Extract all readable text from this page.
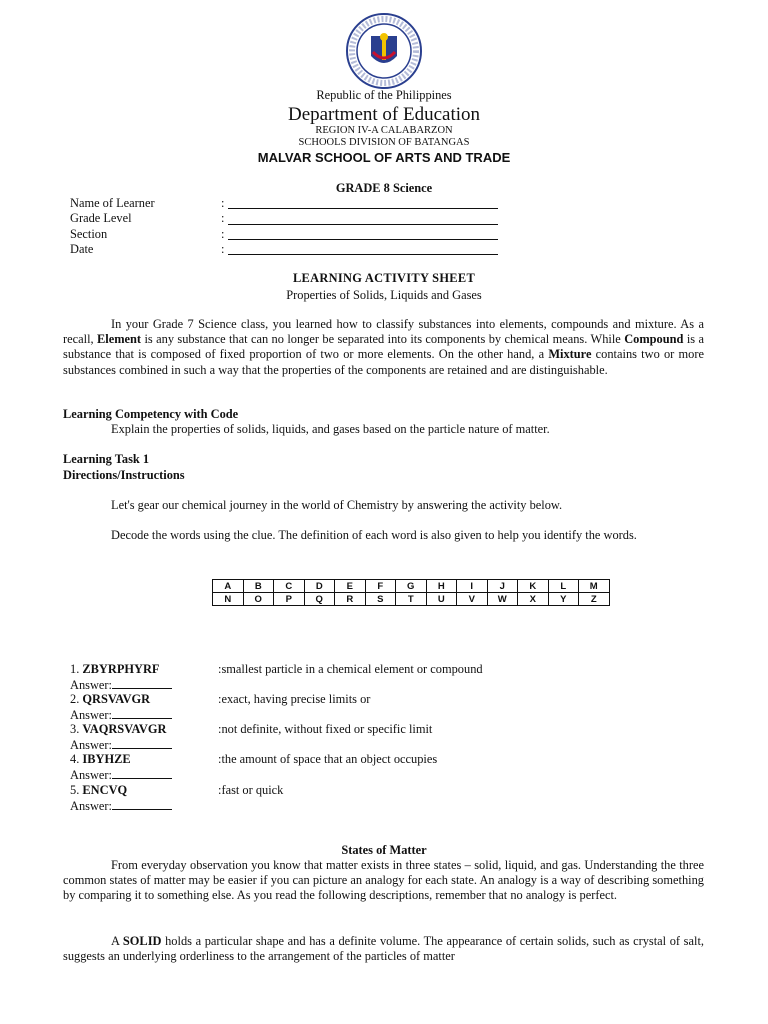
Republic of the Philippines
Department of Education
REGION IV-A CALABARZON
SCHOOLS DIVISION OF BATANGAS
MALVAR SCHOOL OF ARTS AND TRADE
GRADE 8 Science
Name of Learner	:
Grade Level	:
Section	:
Date	:
LEARNING ACTIVITY SHEET
Properties of Solids, Liquids and Gases
In your Grade 7 Science class, you learned how to classify substances into elements, compounds and mixture. As a recall, Element is any substance that can no longer be separated into its components by chemical means. While Compound is a substance that is composed of fixed proportion of two or more elements. On the other hand, a Mixture contains two or more substances combined in such a way that the properties of the components are retained and are distinguishable.
Learning Competency with Code
Explain the properties of solids, liquids, and gases based on the particle nature of matter.
Learning Task 1
Directions/Instructions
Let's gear our chemical journey in the world of Chemistry by answering the activity below.
Decode the words using the clue. The definition of each word is also given to help you identify the words.
A	B	C	D	E	F	G	H	I	J	K	L	M
N	O	P	Q	R	S	T	U	V	W	X	Y	Z
1. ZBYRPHYRF	:smallest particle in a chemical element or compound
Answer:
2. QRSVAVGR	:exact, having precise limits or
Answer:
3. VAQRSVAVGR	:not definite, without fixed or specific limit
Answer:
4. IBYHZE	:the amount of space that an object occupies
Answer:
5. ENCVQ	:fast or quick
Answer:
States of Matter
From everyday observation you know that matter exists in three states – solid, liquid, and gas. Understanding the three common states of matter may be easier if you can picture an analogy for each state. An analogy is a way of describing something by comparing it to something else. As you read the following descriptions, remember that no analogy is perfect.
A SOLID holds a particular shape and has a definite volume. The appearance of certain solids, such as crystal of salt, suggests an underlying orderliness to the arrangement of the particles of matter
